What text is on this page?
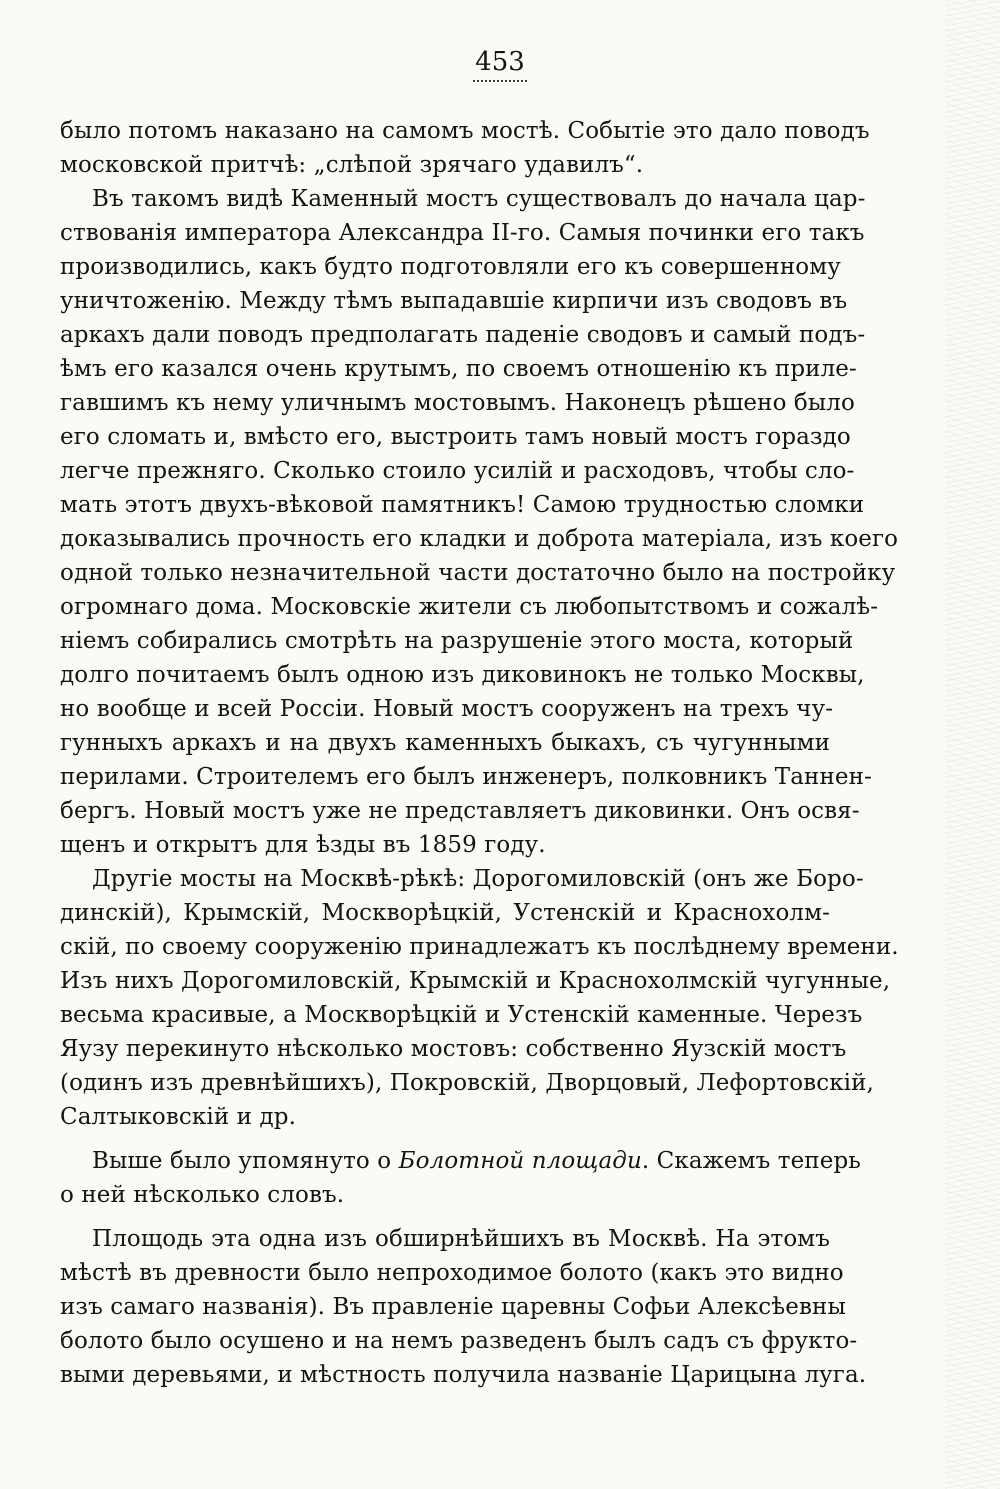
453
было потомъ наказано на самомъ мостѣ. Событіе это дало поводъ
московской притчѣ: „слѣпой зрячаго удавилъ“.
Въ такомъ видѣ Каменный мостъ существовалъ до начала цар-
ствованія императора Александра II-го. Самыя починки его такъ
производились, какъ будто подготовляли его къ совершенному
уничтоженію. Между тѣмъ выпадавшіе кирпичи изъ сводовъ въ
аркахъ дали поводъ предполагать паденіе сводовъ и самый подъ-
ѣмъ его казался очень крутымъ, по своемъ отношенію къ прилe-
гавшимъ къ нему уличнымъ мостовымъ. Наконецъ рѣшено было
его сломать и, вмѣсто его, выстроить тамъ новый мостъ гораздо
легче прежняго. Сколько стоило усилій и расходовъ, чтобы сло-
мать этотъ двухъ-вѣковой памятникъ! Самою трудностью сломки
доказывались прочность его кладки и доброта матеріала, изъ коего
одной только незначительной части достаточно было на постройку
огромнаго дома. Московскіе жители съ любопытствомъ и сожалѣ-
ніемъ собирались смотрѣть на разрушеніе этого моста, который
долго почитаемъ былъ одною изъ диковинокъ не только Москвы,
но вообще и всей Россіи. Новый мостъ сооруженъ на трехъ чу-
гунныхъ аркахъ и на двухъ каменныхъ быкахъ, съ чугунными
перилами. Строителемъ его былъ инженеръ, полковникъ Таннен-
бергъ. Новый мостъ уже не представляетъ диковинки. Онъ освя-
щенъ и открытъ для ѣзды въ 1859 году.
Другіе мосты на Москвѣ-рѣкѣ: Дорогомиловскій (онъ же Боро-
динскій), Крымскій, Москворѣцкій, Устенскій и Краснохолм-
скій, по своему сооруженію принадлежатъ къ послѣднему времени.
Изъ нихъ Дорогомиловскій, Крымскій и Краснохолмскій чугунные,
весьма красивые, а Москворѣцкій и Устенскій каменные. Черезъ
Яузу перекинуто нѣсколько мостовъ: собственно Яузскій мостъ
(одинъ изъ древнѣйшихъ), Покровскій, Дворцовый, Лефортовскій,
Салтыковскій и др.
Выше было упомянуто о Болотной площади. Скажемъ теперь
о ней нѣсколько словъ.
Площодь эта одна изъ обширнѣйшихъ въ Москвѣ. На этомъ
мѣстѣ въ древности было непроходимое болото (какъ это видно
изъ самаго названія). Въ правленіе царевны Софьи Алексѣевны
болото было осушено и на немъ разведенъ былъ садъ съ фрукто-
выми деревьями, и мѣстность получила названіе Царицына луга.
